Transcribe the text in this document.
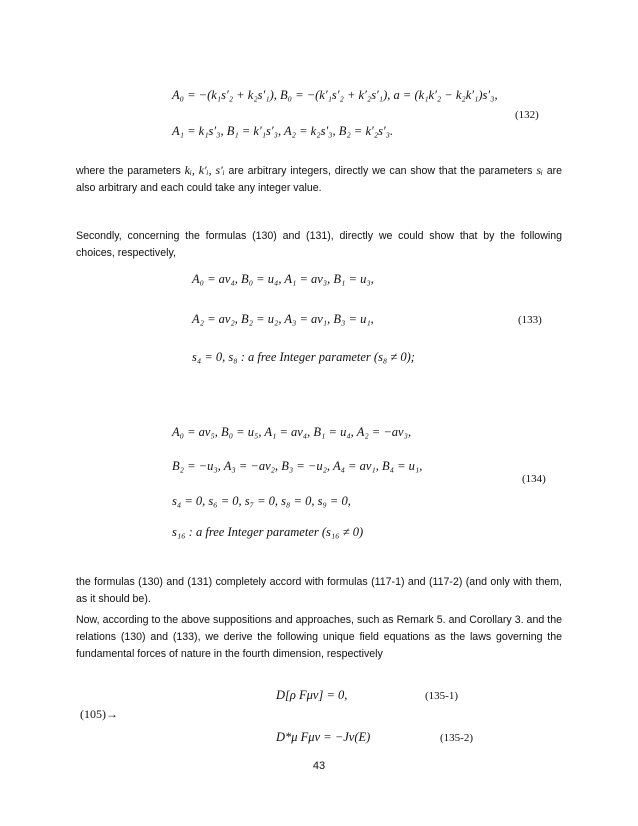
A₀ = −(k₁s′₂ + k₂s′₁), B₀ = −(k′₁s′₂ + k′₂s′₁), a = (k₁k′₂ − k₂k′₁)s′₃,
(132)
A₁ = k₁s′₃, B₁ = k′₁s′₃, A₂ = k₂s′₃, B₂ = k′₂s′₃.
where the parameters kᵢ, k′ᵢ, s′ᵢ are arbitrary integers, directly we can show that the parameters sᵢ are also arbitrary and each could take any integer value.
Secondly, concerning the formulas (130) and (131), directly we could show that by the following choices, respectively,
A₀ = av₄, B₀ = u₄, A₁ = av₃, B₁ = u₃,
A₂ = av₂, B₂ = u₂, A₃ = av₁, B₃ = u₁,	(133)
s₄ = 0, s₈ : a free Integer parameter (s₈ ≠ 0);
A₀ = av₅, B₀ = u₅, A₁ = av₄, B₁ = u₄, A₂ = −av₃,
B₂ = −u₃, A₃ = −av₂, B₃ = −u₂, A₄ = av₁, B₄ = u₁,
(134)
s₄ = 0, s₆ = 0, s₇ = 0, s₈ = 0, s₉ = 0,
s₁₆ : a free Integer parameter (s₁₆ ≠ 0)
the formulas (130) and (131) completely accord with formulas (117-1) and (117-2) (and only with them, as it should be).
Now, according to the above suppositions and approaches, such as Remark 5. and Corollary 3. and the relations (130) and (133), we derive the following unique field equations as the laws governing the fundamental forces of nature in the fourth dimension, respectively
D[ρ Fμν] = 0,	(135-1)
(105)→
D*μ Fμν = −Jν(E)	(135-2)
43
